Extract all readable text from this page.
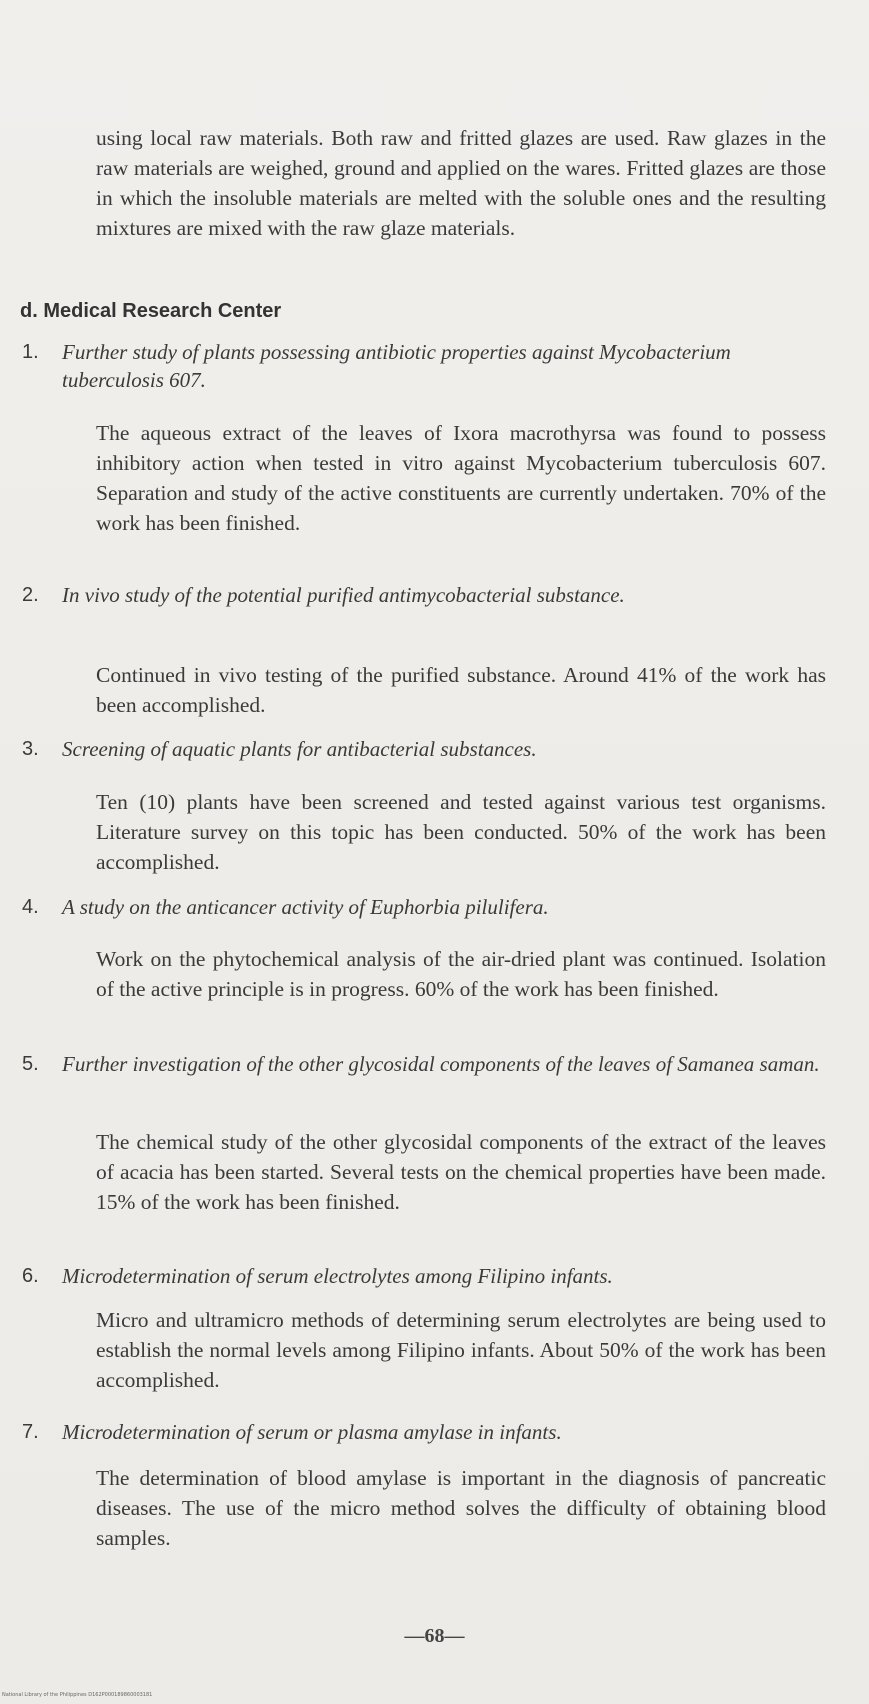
using local raw materials. Both raw and fritted glazes are used. Raw glazes in the raw materials are weighed, ground and applied on the wares. Fritted glazes are those in which the insoluble materials are melted with the soluble ones and the resulting mixtures are mixed with the raw glaze materials.

d. Medical Research Center

1.	Further study of plants possessing antibiotic properties against Mycobacterium tuberculosis 607.

The aqueous extract of the leaves of Ixora macrothyrsa was found to possess inhibitory action when tested in vitro against Mycobacterium tuberculosis 607. Separation and study of the active constituents are currently undertaken. 70% of the work has been finished.

2.	In vivo study of the potential purified antimycobacterial substance.

Continued in vivo testing of the purified substance. Around 41% of the work has been accomplished.

3.	Screening of aquatic plants for antibacterial substances.

Ten (10) plants have been screened and tested against various test organisms. Literature survey on this topic has been conducted. 50% of the work has been accomplished.

4.	A study on the anticancer activity of Euphorbia pilulifera.

Work on the phytochemical analysis of the air-dried plant was continued. Isolation of the active principle is in progress. 60% of the work has been finished.

5.	Further investigation of the other glycosidal components of the leaves of Samanea saman.

The chemical study of the other glycosidal components of the extract of the leaves of acacia has been started. Several tests on the chemical properties have been made. 15% of the work has been finished.

6.	Microdetermination of serum electrolytes among Filipino infants.

Micro and ultramicro methods of determining serum electrolytes are being used to establish the normal levels among Filipino infants. About 50% of the work has been accomplished.

7.	Microdetermination of serum or plasma amylase in infants.

The determination of blood amylase is important in the diagnosis of pancreatic diseases. The use of the micro method solves the difficulty of obtaining blood samples.

—68—
National Library of the Philippines D162P000189860003181
